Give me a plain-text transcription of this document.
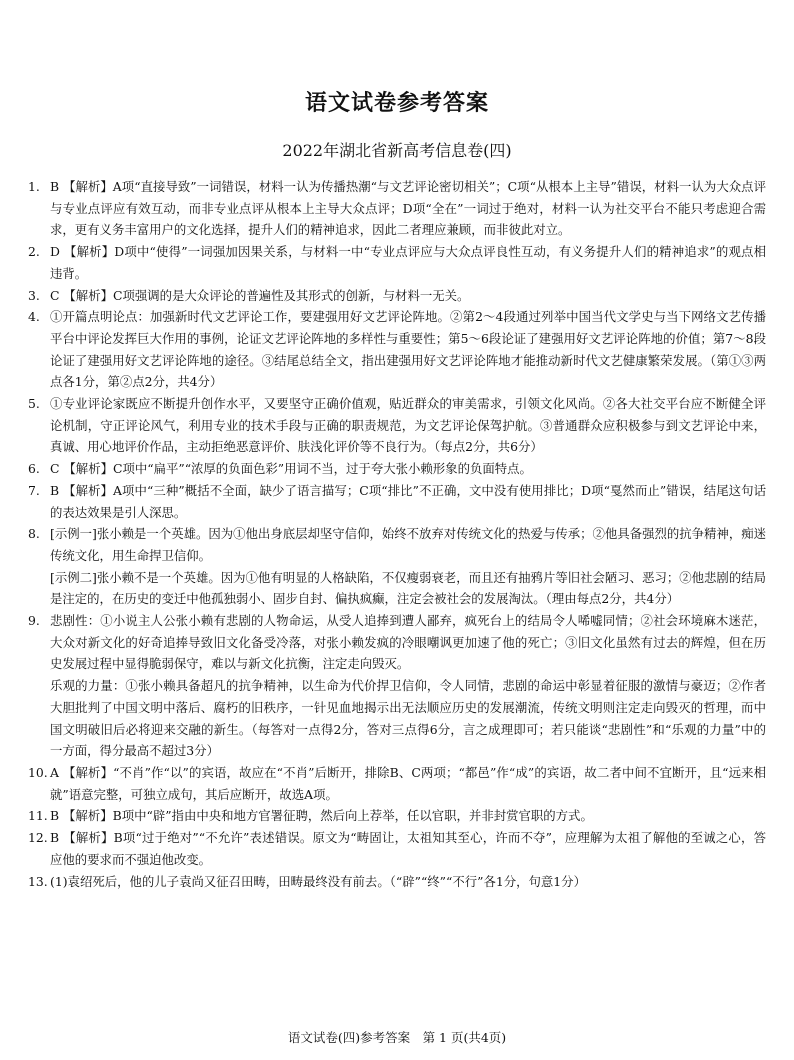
语文试卷参考答案
2022年湖北省新高考信息卷(四)
1. B 【解析】A项“直接导致”一词错误，材料一认为传播热潮“与文艺评论密切相关”；C项“从根本上主导”错误，材料一认为大众点评与专业点评应有效互动，而非专业点评从根本上主导大众点评；D项“全在”一词过于绝对，材料一认为社交平台不能只考虑迎合需求，更有义务丰富用户的文化选择，提升人们的精神追求，因此二者理应兼顾，而非彼此对立。

2. D 【解析】D项中“使得”一词强加因果关系，与材料一中“专业点评应与大众点评良性互动，有义务提升人们的精神追求”的观点相违背。

3. C 【解析】C项强调的是大众评论的普遍性及其形式的创新，与材料一无关。

4. ①开篇点明论点：加强新时代文艺评论工作，要建强用好文艺评论阵地。②第2～4段通过列举中国当代文学史与当下网络文艺传播平台中评论发挥巨大作用的事例，论证文艺评论阵地的多样性与重要性；第5～6段论证了建强用好文艺评论阵地的价值；第7～8段论证了建强用好文艺评论阵地的途径。③结尾总结全文，指出建强用好文艺评论阵地才能推动新时代文艺健康繁荣发展。（第①③两点各1分，第②点2分，共4分）

5. ①专业评论家既应不断提升创作水平，又要坚守正确价值观，贴近群众的审美需求，引领文化风尚。②各大社交平台应不断健全评论机制，守正评论风气，利用专业的技术手段与正确的职责规范，为文艺评论保驾护航。③普通群众应积极参与到文艺评论中来，真诚、用心地评价作品，主动拒绝恶意评价、肤浅化评价等不良行为。（每点2分，共6分）

6. C 【解析】C项中“扁平”“浓厚的负面色彩”用词不当，过于夸大张小赖形象的负面特点。

7. B 【解析】A项中“三种”概括不全面，缺少了语言描写；C项“排比”不正确，文中没有使用排比；D项“戛然而止”错误，结尾这句话的表达效果是引人深思。

8. [示例一]张小赖是一个英雄。因为①他出身底层却坚守信仰，始终不放弃对传统文化的热爱与传承；②他具备强烈的抗争精神，痴迷传统文化，用生命捍卫信仰。

[示例二]张小赖不是一个英雄。因为①他有明显的人格缺陷，不仅瘦弱衰老，而且还有抽鸦片等旧社会陋习、恶习；②他悲剧的结局是注定的，在历史的变迁中他孤独弱小、固步自封、偏执疯癫，注定会被社会的发展淘汰。（理由每点2分，共4分）

9. 悲剧性：①小说主人公张小赖有悲剧的人物命运，从受人追捧到遭人鄙弃，疯死台上的结局令人唏嘘同情；②社会环境麻木迷茫，大众对新文化的好奇追捧导致旧文化备受冷落，对张小赖发疯的冷眼嘲讽更加速了他的死亡；③旧文化虽然有过去的辉煌，但在历史发展过程中显得脆弱保守，难以与新文化抗衡，注定走向毁灭。

乐观的力量：①张小赖具备超凡的抗争精神，以生命为代价捍卫信仰，令人同情，悲剧的命运中彰显着征服的激情与豪迈；②作者大胆批判了中国文明中落后、腐朽的旧秩序，一针见血地揭示出无法顺应历史的发展潮流，传统文明则注定走向毁灭的哲理，而中国文明破旧后必将迎来交融的新生。（每答对一点得2分，答对三点得6分，言之成理即可；若只能谈“悲剧性”和“乐观的力量”中的一方面，得分最高不超过3分）

10. A 【解析】“不肖”作“以”的宾语，故应在“不肖”后断开，排除B、C两项；“都邑”作“成”的宾语，故二者中间不宜断开，且“远来相就”语意完整，可独立成句，其后应断开，故选A项。

11. B 【解析】B项中“辟”指由中央和地方官署征聘，然后向上荐举，任以官职，并非封赏官职的方式。

12. B 【解析】B项“过于绝对”“不允许”表述错误。原文为“畴固让，太祖知其至心，许而不夺”，应理解为太祖了解他的至诚之心，答应他的要求而不强迫他改变。

13. (1)袁绍死后，他的儿子袁尚又征召田畴，田畴最终没有前去。（“辟”“终”“不行”各1分，句意1分）

语文试卷(四)参考答案　第 1 页(共4页)
